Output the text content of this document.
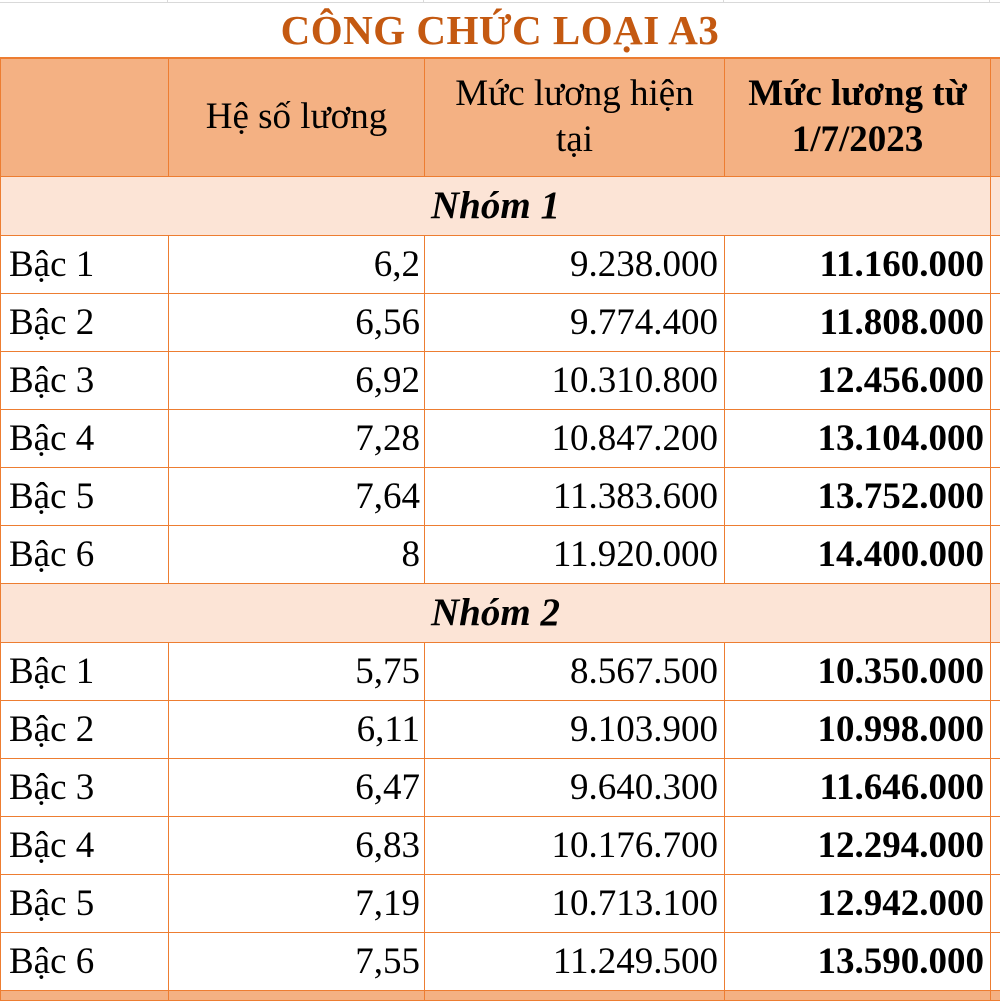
CÔNG CHỨC LOẠI A3
	Hệ số lương	Mức lương hiện tại	Mức lương từ 1/7/2023	
Nhóm 1				
Bậc 1	6,2	9.238.000	11.160.000	
Bậc 2	6,56	9.774.400	11.808.000	
Bậc 3	6,92	10.310.800	12.456.000	
Bậc 4	7,28	10.847.200	13.104.000	
Bậc 5	7,64	11.383.600	13.752.000	
Bậc 6	8	11.920.000	14.400.000	
Nhóm 2				
Bậc 1	5,75	8.567.500	10.350.000	
Bậc 2	6,11	9.103.900	10.998.000	
Bậc 3	6,47	9.640.300	11.646.000	
Bậc 4	6,83	10.176.700	12.294.000	
Bậc 5	7,19	10.713.100	12.942.000	
Bậc 6	7,55	11.249.500	13.590.000	
